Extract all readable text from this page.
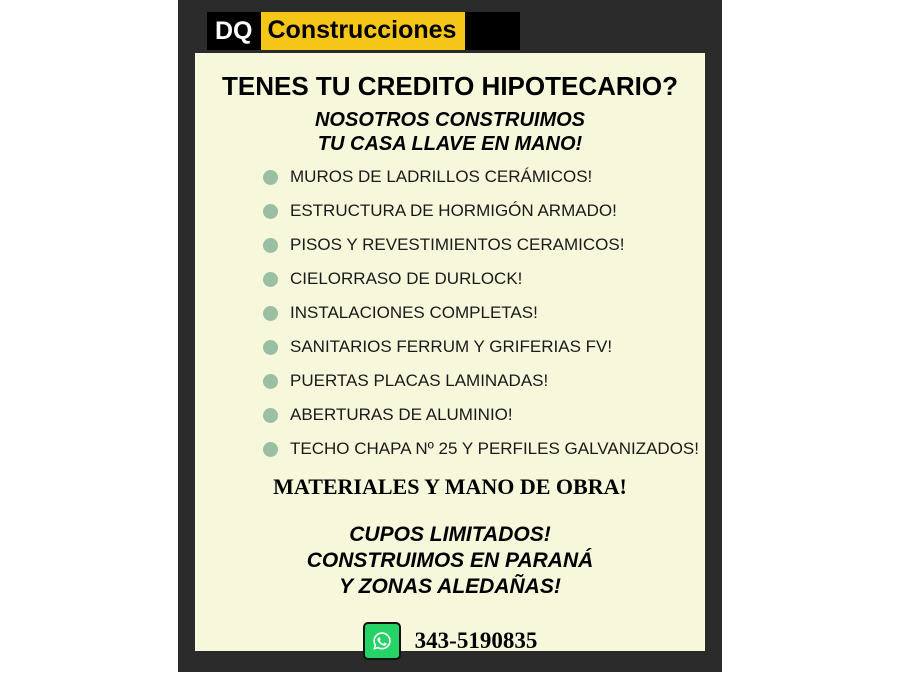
DQ Construcciones
TENES TU CREDITO HIPOTECARIO?
NOSOTROS CONSTRUIMOS
TU CASA LLAVE EN MANO!
MUROS DE LADRILLOS CERÁMICOS!
ESTRUCTURA DE HORMIGÓN ARMADO!
PISOS Y REVESTIMIENTOS CERAMICOS!
CIELORRASO DE DURLOCK!
INSTALACIONES COMPLETAS!
SANITARIOS FERRUM Y GRIFERIAS FV!
PUERTAS PLACAS LAMINADAS!
ABERTURAS DE ALUMINIO!
TECHO CHAPA Nº 25 Y PERFILES GALVANIZADOS!
MATERIALES Y MANO DE OBRA!
CUPOS LIMITADOS!
CONSTRUIMOS EN PARANÁ
Y ZONAS ALEDAÑAS!
343-5190835
